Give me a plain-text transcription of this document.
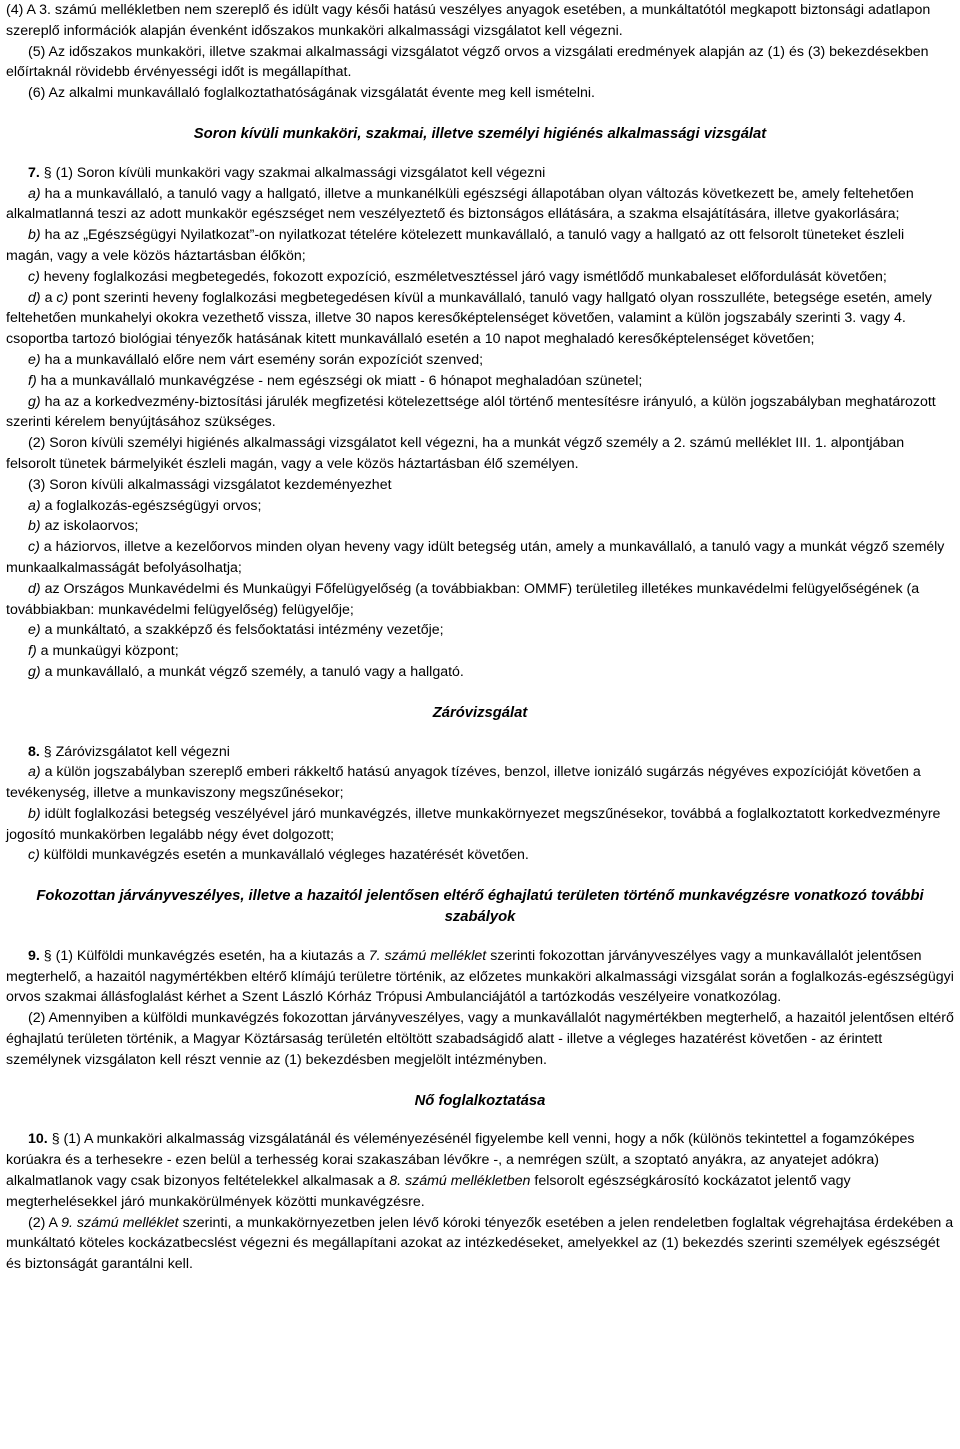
(4) A 3. számú mellékletben nem szereplő és idült vagy késői hatású veszélyes anyagok esetében, a munkáltatótól megkapott biztonsági adatlapon szereplő információk alapján évenként időszakos munkaköri alkalmassági vizsgálatot kell végezni.

(5) Az időszakos munkaköri, illetve szakmai alkalmassági vizsgálatot végző orvos a vizsgálati eredmények alapján az (1) és (3) bekezdésekben előírtaknál rövidebb érvényességi időt is megállapíthat.

(6) Az alkalmi munkavállaló foglalkoztathatóságának vizsgálatát évente meg kell ismételni.

Soron kívüli munkaköri, szakmai, illetve személyi higiénés alkalmassági vizsgálat

7. § (1) Soron kívüli munkaköri vagy szakmai alkalmassági vizsgálatot kell végezni

a) ha a munkavállaló, a tanuló vagy a hallgató, illetve a munkanélküli egészségi állapotában olyan változás következett be, amely feltehetően alkalmatlanná teszi az adott munkakör egészséget nem veszélyeztető és biztonságos ellátására, a szakma elsajátítására, illetve gyakorlására;

b) ha az „Egészségügyi Nyilatkozat”-on nyilatkozat tételére kötelezett munkavállaló, a tanuló vagy a hallgató az ott felsorolt tüneteket észleli magán, vagy a vele közös háztartásban élőkön;

c) heveny foglalkozási megbetegedés, fokozott expozíció, eszméletvesztéssel járó vagy ismétlődő munkabaleset előfordulását követően;

d) a c) pont szerinti heveny foglalkozási megbetegedésen kívül a munkavállaló, tanuló vagy hallgató olyan rosszulléte, betegsége esetén, amely feltehetően munkahelyi okokra vezethető vissza, illetve 30 napos keresőképtelenséget követően, valamint a külön jogszabály szerinti 3. vagy 4. csoportba tartozó biológiai tényezők hatásának kitett munkavállaló esetén a 10 napot meghaladó keresőképtelenséget követően;

e) ha a munkavállaló előre nem várt esemény során expozíciót szenved;

f) ha a munkavállaló munkavégzése - nem egészségi ok miatt - 6 hónapot meghaladóan szünetel;

g) ha az a korkedvezmény-biztosítási járulék megfizetési kötelezettsége alól történő mentesítésre irányuló, a külön jogszabályban meghatározott szerinti kérelem benyújtásához szükséges.

(2) Soron kívüli személyi higiénés alkalmassági vizsgálatot kell végezni, ha a munkát végző személy a 2. számú melléklet III. 1. alpontjában felsorolt tünetek bármelyikét észleli magán, vagy a vele közös háztartásban élő személyen.

(3) Soron kívüli alkalmassági vizsgálatot kezdeményezhet

a) a foglalkozás-egészségügyi orvos;

b) az iskolaorvos;

c) a háziorvos, illetve a kezelőorvos minden olyan heveny vagy idült betegség után, amely a munkavállaló, a tanuló vagy a munkát végző személy munkaalkalmasságát befolyásolhatja;

d) az Országos Munkavédelmi és Munkaügyi Főfelügyelőség (a továbbiakban: OMMF) területileg illetékes munkavédelmi felügyelőségének (a továbbiakban: munkavédelmi felügyelőség) felügyelője;

e) a munkáltató, a szakképző és felsőoktatási intézmény vezetője;

f) a munkaügyi központ;

g) a munkavállaló, a munkát végző személy, a tanuló vagy a hallgató.

Záróvizsgálat

8. § Záróvizsgálatot kell végezni

a) a külön jogszabályban szereplő emberi rákkeltő hatású anyagok tízéves, benzol, illetve ionizáló sugárzás négyéves expozícióját követően a tevékenység, illetve a munkaviszony megszűnésekor;

b) idült foglalkozási betegség veszélyével járó munkavégzés, illetve munkakörnyezet megszűnésekor, továbbá a foglalkoztatott korkedvezményre jogosító munkakörben legalább négy évet dolgozott;

c) külföldi munkavégzés esetén a munkavállaló végleges hazatérését követően.

Fokozottan járványveszélyes, illetve a hazaitól jelentősen eltérő éghajlatú területen történő munkavégzésre vonatkozó további szabályok

9. § (1) Külföldi munkavégzés esetén, ha a kiutazás a 7. számú melléklet szerinti fokozottan járványveszélyes vagy a munkavállalót jelentősen megterhelő, a hazaitól nagymértékben eltérő klímájú területre történik, az előzetes munkaköri alkalmassági vizsgálat során a foglalkozás-egészségügyi orvos szakmai állásfoglalást kérhet a Szent László Kórház Trópusi Ambulanciájától a tartózkodás veszélyeire vonatkozólag.

(2) Amennyiben a külföldi munkavégzés fokozottan járványveszélyes, vagy a munkavállalót nagymértékben megterhelő, a hazaitól jelentősen eltérő éghajlatú területen történik, a Magyar Köztársaság területén eltöltött szabadságidő alatt - illetve a végleges hazatérést követően - az érintett személynek vizsgálaton kell részt vennie az (1) bekezdésben megjelölt intézményben.

Nő foglalkoztatása

10. § (1) A munkaköri alkalmasság vizsgálatánál és véleményezésénél figyelembe kell venni, hogy a nők (különös tekintettel a fogamzóképes korúakra és a terhesekre - ezen belül a terhesség korai szakaszában lévőkre -, a nemrégen szült, a szoptató anyákra, az anyatejet adókra) alkalmatlanok vagy csak bizonyos feltételekkel alkalmasak a 8. számú mellékletben felsorolt egészségkárosító kockázatot jelentő vagy megterhelésekkel járó munkakörülmények közötti munkavégzésre.

(2) A 9. számú melléklet szerinti, a munkakörnyezetben jelen lévő kóroki tényezők esetében a jelen rendeletben foglaltak végrehajtása érdekében a munkáltató köteles kockázatbecslést végezni és megállapítani azokat az intézkedéseket, amelyekkel az (1) bekezdés szerinti személyek egészségét és biztonságát garantálni kell.
